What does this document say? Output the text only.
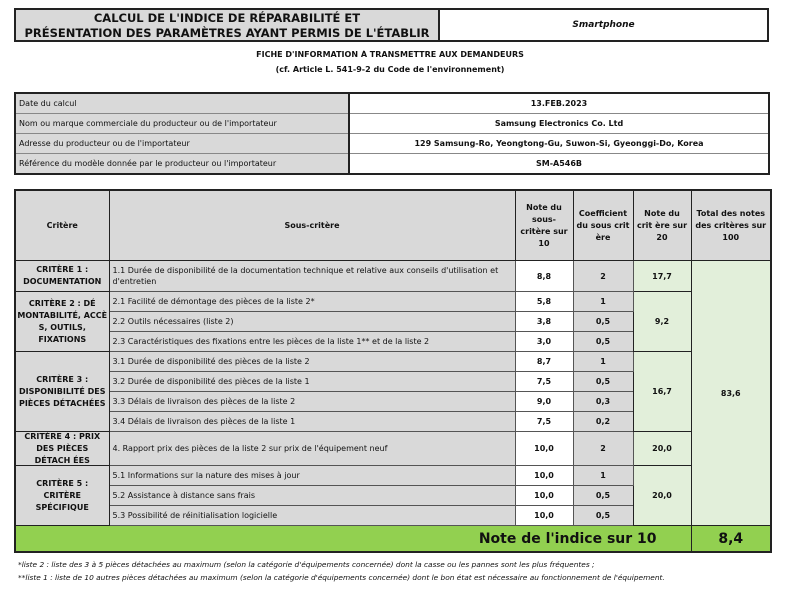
CALCUL DE L'INDICE DE RÉPARABILITÉ ET
PRÉSENTATION DES PARAMÈTRES AYANT PERMIS DE L'ÉTABLIR
Smartphone
FICHE D'INFORMATION À TRANSMETTRE AUX DEMANDEURS
(cf. Article L. 541-9-2 du Code de l'environnement)
Date du calcul	13.FEB.2023
Nom ou marque commerciale du producteur ou de l'importateur	Samsung Electronics Co. Ltd
Adresse du producteur ou de l'importateur	129 Samsung-Ro, Yeongtong-Gu, Suwon-Si, Gyeonggi-Do, Korea
Référence du modèle donnée par le producteur ou l'importateur	SM-A546B
Critère	Sous-critère	Note du sous-critère sur 10	Coefficient du sous crit ère	Note du crit ère sur 20	Total des notes des critères sur 100
CRITÈRE 1 : DOCUMENTATION	1.1 Durée de disponibilité de la documentation technique et relative aux conseils d'utilisation et d'entretien	8,8	2	17,7	83,6
CRITÈRE 2 : DÉ MONTABILITÉ, ACCÈ S, OUTILS, FIXATIONS	2.1 Facilité de démontage des pièces de la liste 2*	5,8	1	9,2	
	2.2 Outils nécessaires (liste 2)	3,8	0,5		
	2.3 Caractéristiques des fixations entre les pièces de la liste 1** et de la liste 2	3,0	0,5		
CRITÈRE 3 : DISPONIBILITÉ DES PIÈCES DÉTACHÉES	3.1 Durée de disponibilité des pièces de la liste 2	8,7	1	16,7	
	3.2 Durée de disponibilité des pièces de la liste 1	7,5	0,5		
	3.3 Délais de livraison des pièces de la liste 2	9,0	0,3		
	3.4 Délais de livraison des pièces de la liste 1	7,5	0,2		

CRITÈRE 4 : PRIX DES PIÈCES DÉTACH ÉES	4. Rapport prix des pièces de la liste 2 sur prix de l'équipement neuf	10,0	2	20,0	
CRITÈRE 5 : CRITÈRE SPÉCIFIQUE	5.1 Informations sur la nature des mises à jour	10,0	1	20,0	
	5.2 Assistance à distance sans frais	10,0	0,5		
	5.3 Possibilité de réinitialisation logicielle	10,0	0,5		
Note de l'indice sur 10					8,4
*liste 2 : liste des 3 à 5 pièces détachées au maximum (selon la catégorie d'équipements concernée) dont la casse ou les pannes sont les plus fréquentes ;
**liste 1 : liste de 10 autres pièces détachées au maximum (selon la catégorie d'équipements concernée) dont le bon état est nécessaire au fonctionnement de l'équipement.
